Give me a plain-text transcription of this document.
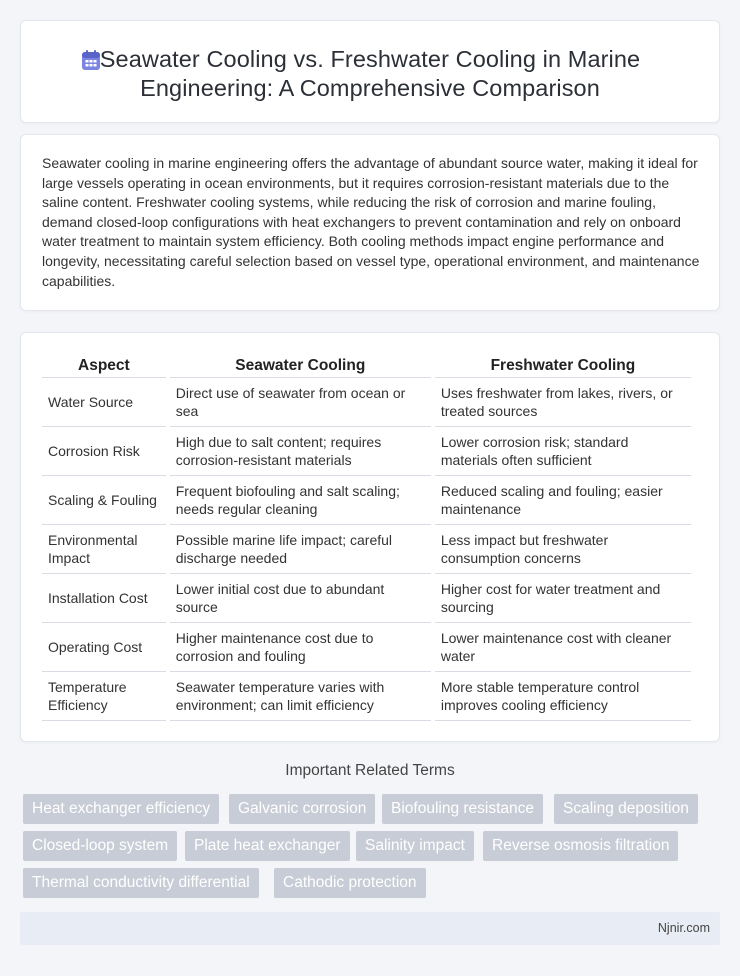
Seawater Cooling vs. Freshwater Cooling in Marine Engineering: A Comprehensive Comparison

Seawater cooling in marine engineering offers the advantage of abundant source water, making it ideal for large vessels operating in ocean environments, but it requires corrosion-resistant materials due to the saline content. Freshwater cooling systems, while reducing the risk of corrosion and marine fouling, demand closed-loop configurations with heat exchangers to prevent contamination and rely on onboard water treatment to maintain system efficiency. Both cooling methods impact engine performance and longevity, necessitating careful selection based on vessel type, operational environment, and maintenance capabilities.

Aspect	Seawater Cooling	Freshwater Cooling
Water Source	Direct use of seawater from ocean or sea	Uses freshwater from lakes, rivers, or treated sources
Corrosion Risk	High due to salt content; requires corrosion-resistant materials	Lower corrosion risk; standard materials often sufficient
Scaling & Fouling	Frequent biofouling and salt scaling; needs regular cleaning	Reduced scaling and fouling; easier maintenance
Environmental Impact	Possible marine life impact; careful discharge needed	Less impact but freshwater consumption concerns
Installation Cost	Lower initial cost due to abundant source	Higher cost for water treatment and sourcing
Operating Cost	Higher maintenance cost due to corrosion and fouling	Lower maintenance cost with cleaner water
Temperature Efficiency	Seawater temperature varies with environment; can limit efficiency	More stable temperature control improves cooling efficiency
Important Related Terms
Heat exchanger efficiency	Galvanic corrosion	Biofouling resistance	Scaling deposition
Closed-loop system	Plate heat exchanger	Salinity impact	Reverse osmosis filtration
Thermal conductivity differential	Cathodic protection
Njnir.com
